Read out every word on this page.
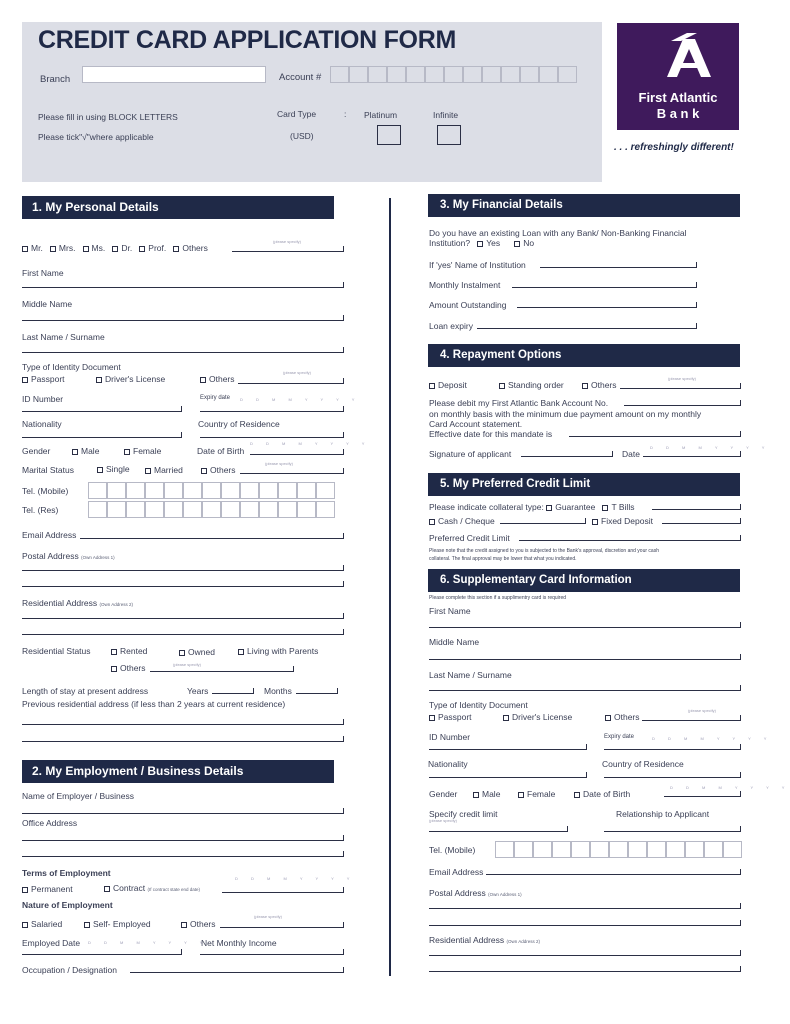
CREDIT CARD APPLICATION FORM
Branch	Account #
Please fill in using BLOCK LETTERS
Please tick"√"where applicable
Card Type	:
(USD)
Platinum	Infinite
First Atlantic
B a n k
. . . refreshingly different!
1. My Personal Details
Mr. Mrs. Ms. Dr. Prof. Others
(please specify)
First Name
Middle Name
Last Name / Surname
Type of Identity Document
Passport	Driver's License	Others
(please specify)
ID Number	Expiry date D D M M Y Y Y Y
Nationality	Country of Residence
Gender	Male	Female	Date of Birth
D D M M Y Y Y Y
Marital Status	Single	Married	Others
(please specify)
Tel. (Mobile)
Tel. (Res)
Email Address
Postal Address (Own Address 1)
Residential Address (Own Address 2)
Residential Status	Rented	Owned	Living with Parents
Others	(please specify)
Length of stay at present address	Years	Months
Previous residential address (if less than 2 years at current residence)
2. My Employment / Business Details
Name of Employer / Business
Office Address
Terms of Employment
D D M M Y Y Y Y
Permanent	Contract (If contract state end date)
Nature of Employment
Salaried	Self- Employed	Others
(please specify)
Employed Date D D M M Y Y Y Y
Net Monthly Income
Occupation / Designation
3. My Financial Details
Do you have an existing Loan with any Bank/ Non-Banking Financial
Institution? Yes	No
If 'yes' Name of Institution
Monthly Instalment
Amount Outstanding
Loan expiry
4. Repayment Options
Deposit	Standing order	Others
(please specify)
Please debit my First Atlantic Bank Account No.
on monthly basis with the minimum due payment amount on my monthly
Card Account statement.
Effective date for this mandate is
Signature of applicant	Date
D D M M Y Y Y Y
5. My Preferred Credit Limit
Please indicate collateral type: Guarantee T Bills
Cash / Cheque	Fixed Deposit
Preferred Credit Limit
Please note that the credit assigned to you is subjected to the Bank's approval, discretion and your cash
collateral. The final approval may be lower that what you indicated.
6. Supplementary Card Information
Please complete this section if a supplimentry card is required
First Name
Middle Name
Last Name / Surname
Type of Identity Document
Passport	Driver's License	Others
(please specify)
ID Number	Expiry date	D D M M Y Y Y Y
Nationality	Country of Residence
Gender	Male	Female	Date of Birth
D D M M Y Y Y Y
Specify credit limit
(please specify)
Relationship to Applicant
Tel. (Mobile)
Email Address
Postal Address (Own Address 1)
Residential Address (Own Address 2)
